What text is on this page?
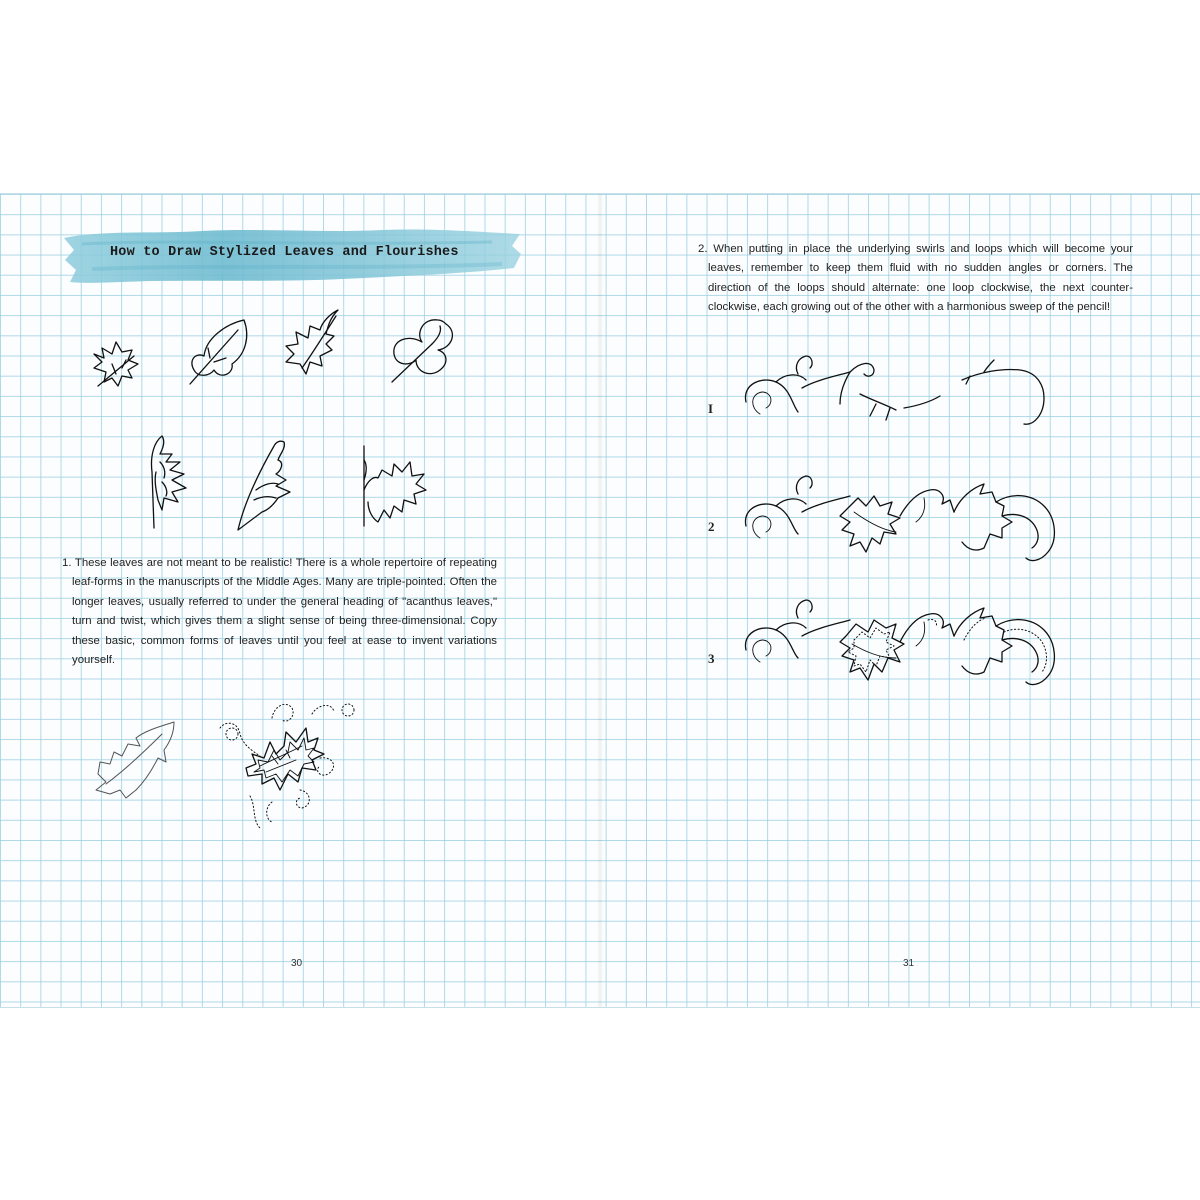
How to Draw Stylized Leaves and Flourishes

1. These leaves are not meant to be realistic! There is a whole repertoire of repeating leaf-forms in the manuscripts of the Middle Ages. Many are triple-pointed. Often the longer leaves, usually referred to under the general heading of "acanthus leaves," turn and twist, which gives them a slight sense of being three-dimensional. Copy these basic, common forms of leaves until you feel at ease to invent variations yourself.

30

2. When putting in place the underlying swirls and loops which will become your leaves, remember to keep them fluid with no sudden angles or corners. The direction of the loops should alternate: one loop clockwise, the next counter-clockwise, each growing out of the other with a harmonious sweep of the pencil!

I
2
3
31
